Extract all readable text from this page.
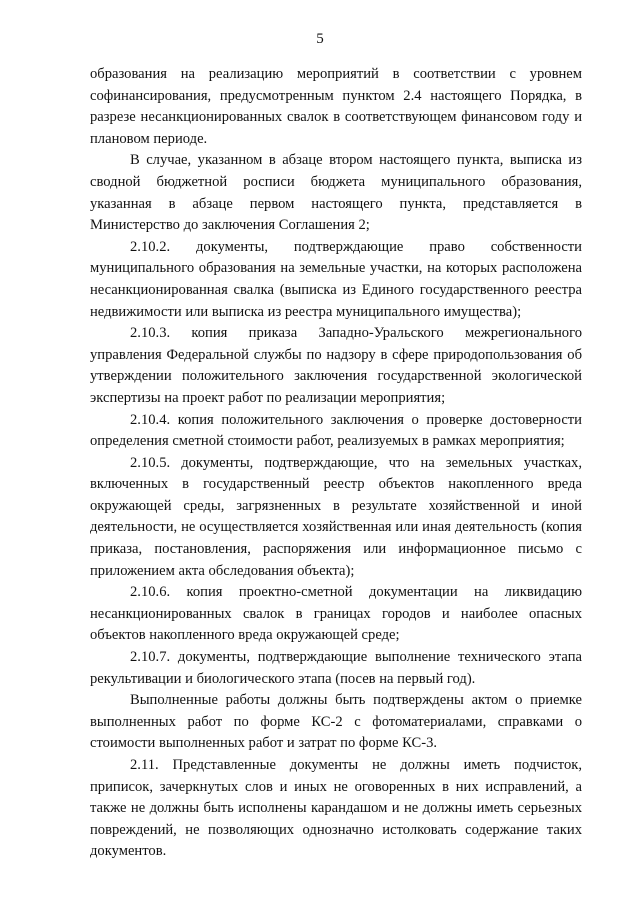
5

образования на реализацию мероприятий в соответствии с уровнем софинансирования, предусмотренным пунктом 2.4 настоящего Порядка, в разрезе несанкционированных свалок в соответствующем финансовом году и плановом периоде.

В случае, указанном в абзаце втором настоящего пункта, выписка из сводной бюджетной росписи бюджета муниципального образования, указанная в абзаце первом настоящего пункта, представляется в Министерство до заключения Соглашения 2;

2.10.2. документы, подтверждающие право собственности муниципального образования на земельные участки, на которых расположена несанкционированная свалка (выписка из Единого государственного реестра недвижимости или выписка из реестра муниципального имущества);

2.10.3. копия приказа Западно-Уральского межрегионального управления Федеральной службы по надзору в сфере природопользования об утверждении положительного заключения государственной экологической экспертизы на проект работ по реализации мероприятия;

2.10.4. копия положительного заключения о проверке достоверности определения сметной стоимости работ, реализуемых в рамках мероприятия;

2.10.5. документы, подтверждающие, что на земельных участках, включенных в государственный реестр объектов накопленного вреда окружающей среды, загрязненных в результате хозяйственной и иной деятельности, не осуществляется хозяйственная или иная деятельность (копия приказа, постановления, распоряжения или информационное письмо с приложением акта обследования объекта);

2.10.6. копия проектно-сметной документации на ликвидацию несанкционированных свалок в границах городов и наиболее опасных объектов накопленного вреда окружающей среде;

2.10.7. документы, подтверждающие выполнение технического этапа рекультивации и биологического этапа (посев на первый год).

Выполненные работы должны быть подтверждены актом о приемке выполненных работ по форме КС-2 с фотоматериалами, справками о стоимости выполненных работ и затрат по форме КС-3.

2.11. Представленные документы не должны иметь подчисток, приписок, зачеркнутых слов и иных не оговоренных в них исправлений, а также не должны быть исполнены карандашом и не должны иметь серьезных повреждений, не позволяющих однозначно истолковать содержание таких документов.
